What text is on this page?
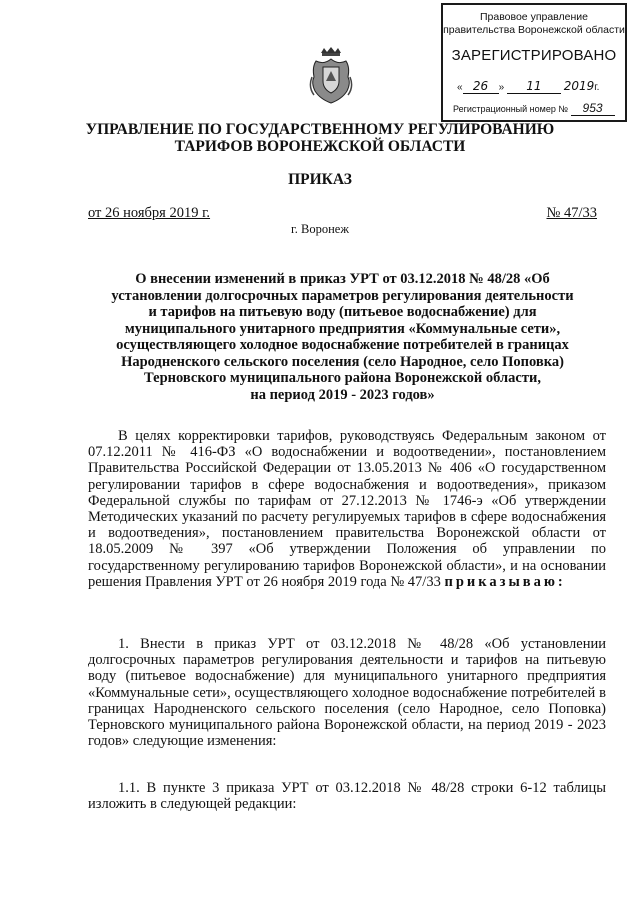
Правовое управление правительства Воронежской области
ЗАРЕГИСТРИРОВАНО
« 26 » 11 2019г.
Регистрационный номер № 953
УПРАВЛЕНИЕ ПО ГОСУДАРСТВЕННОМУ РЕГУЛИРОВАНИЮ
ТАРИФОВ ВОРОНЕЖСКОЙ ОБЛАСТИ
ПРИКАЗ
от 26 ноября 2019 г.	№ 47/33
г. Воронеж
О внесении изменений в приказ УРТ от 03.12.2018 № 48/28 «Об
установлении долгосрочных параметров регулирования деятельности
и тарифов на питьевую воду (питьевое водоснабжение) для
муниципального унитарного предприятия «Коммунальные сети»,
осуществляющего холодное водоснабжение потребителей в границах
Народненского сельского поселения (село Народное, село Поповка)
Терновского муниципального района Воронежской области,
на период 2019 - 2023 годов»
В целях корректировки тарифов, руководствуясь Федеральным законом от 07.12.2011 № 416-ФЗ «О водоснабжении и водоотведении», постановлением Правительства Российской Федерации от 13.05.2013 № 406 «О государственном регулировании тарифов в сфере водоснабжения и водоотведения», приказом Федеральной службы по тарифам от 27.12.2013 № 1746-э «Об утверждении Методических указаний по расчету регулируемых тарифов в сфере водоснабжения и водоотведения», постановлением правительства Воронежской области от 18.05.2009 № 397 «Об утверждении Положения об управлении по государственному регулированию тарифов Воронежской области», и на основании решения Правления УРТ от 26 ноября 2019 года № 47/33 приказываю:
1. Внести в приказ УРТ от 03.12.2018 № 48/28 «Об установлении долгосрочных параметров регулирования деятельности и тарифов на питьевую воду (питьевое водоснабжение) для муниципального унитарного предприятия «Коммунальные сети», осуществляющего холодное водоснабжение потребителей в границах Народненского сельского поселения (село Народное, село Поповка) Терновского муниципального района Воронежской области, на период 2019 - 2023 годов» следующие изменения:
1.1. В пункте 3 приказа УРТ от 03.12.2018 № 48/28 строки 6-12 таблицы изложить в следующей редакции:
